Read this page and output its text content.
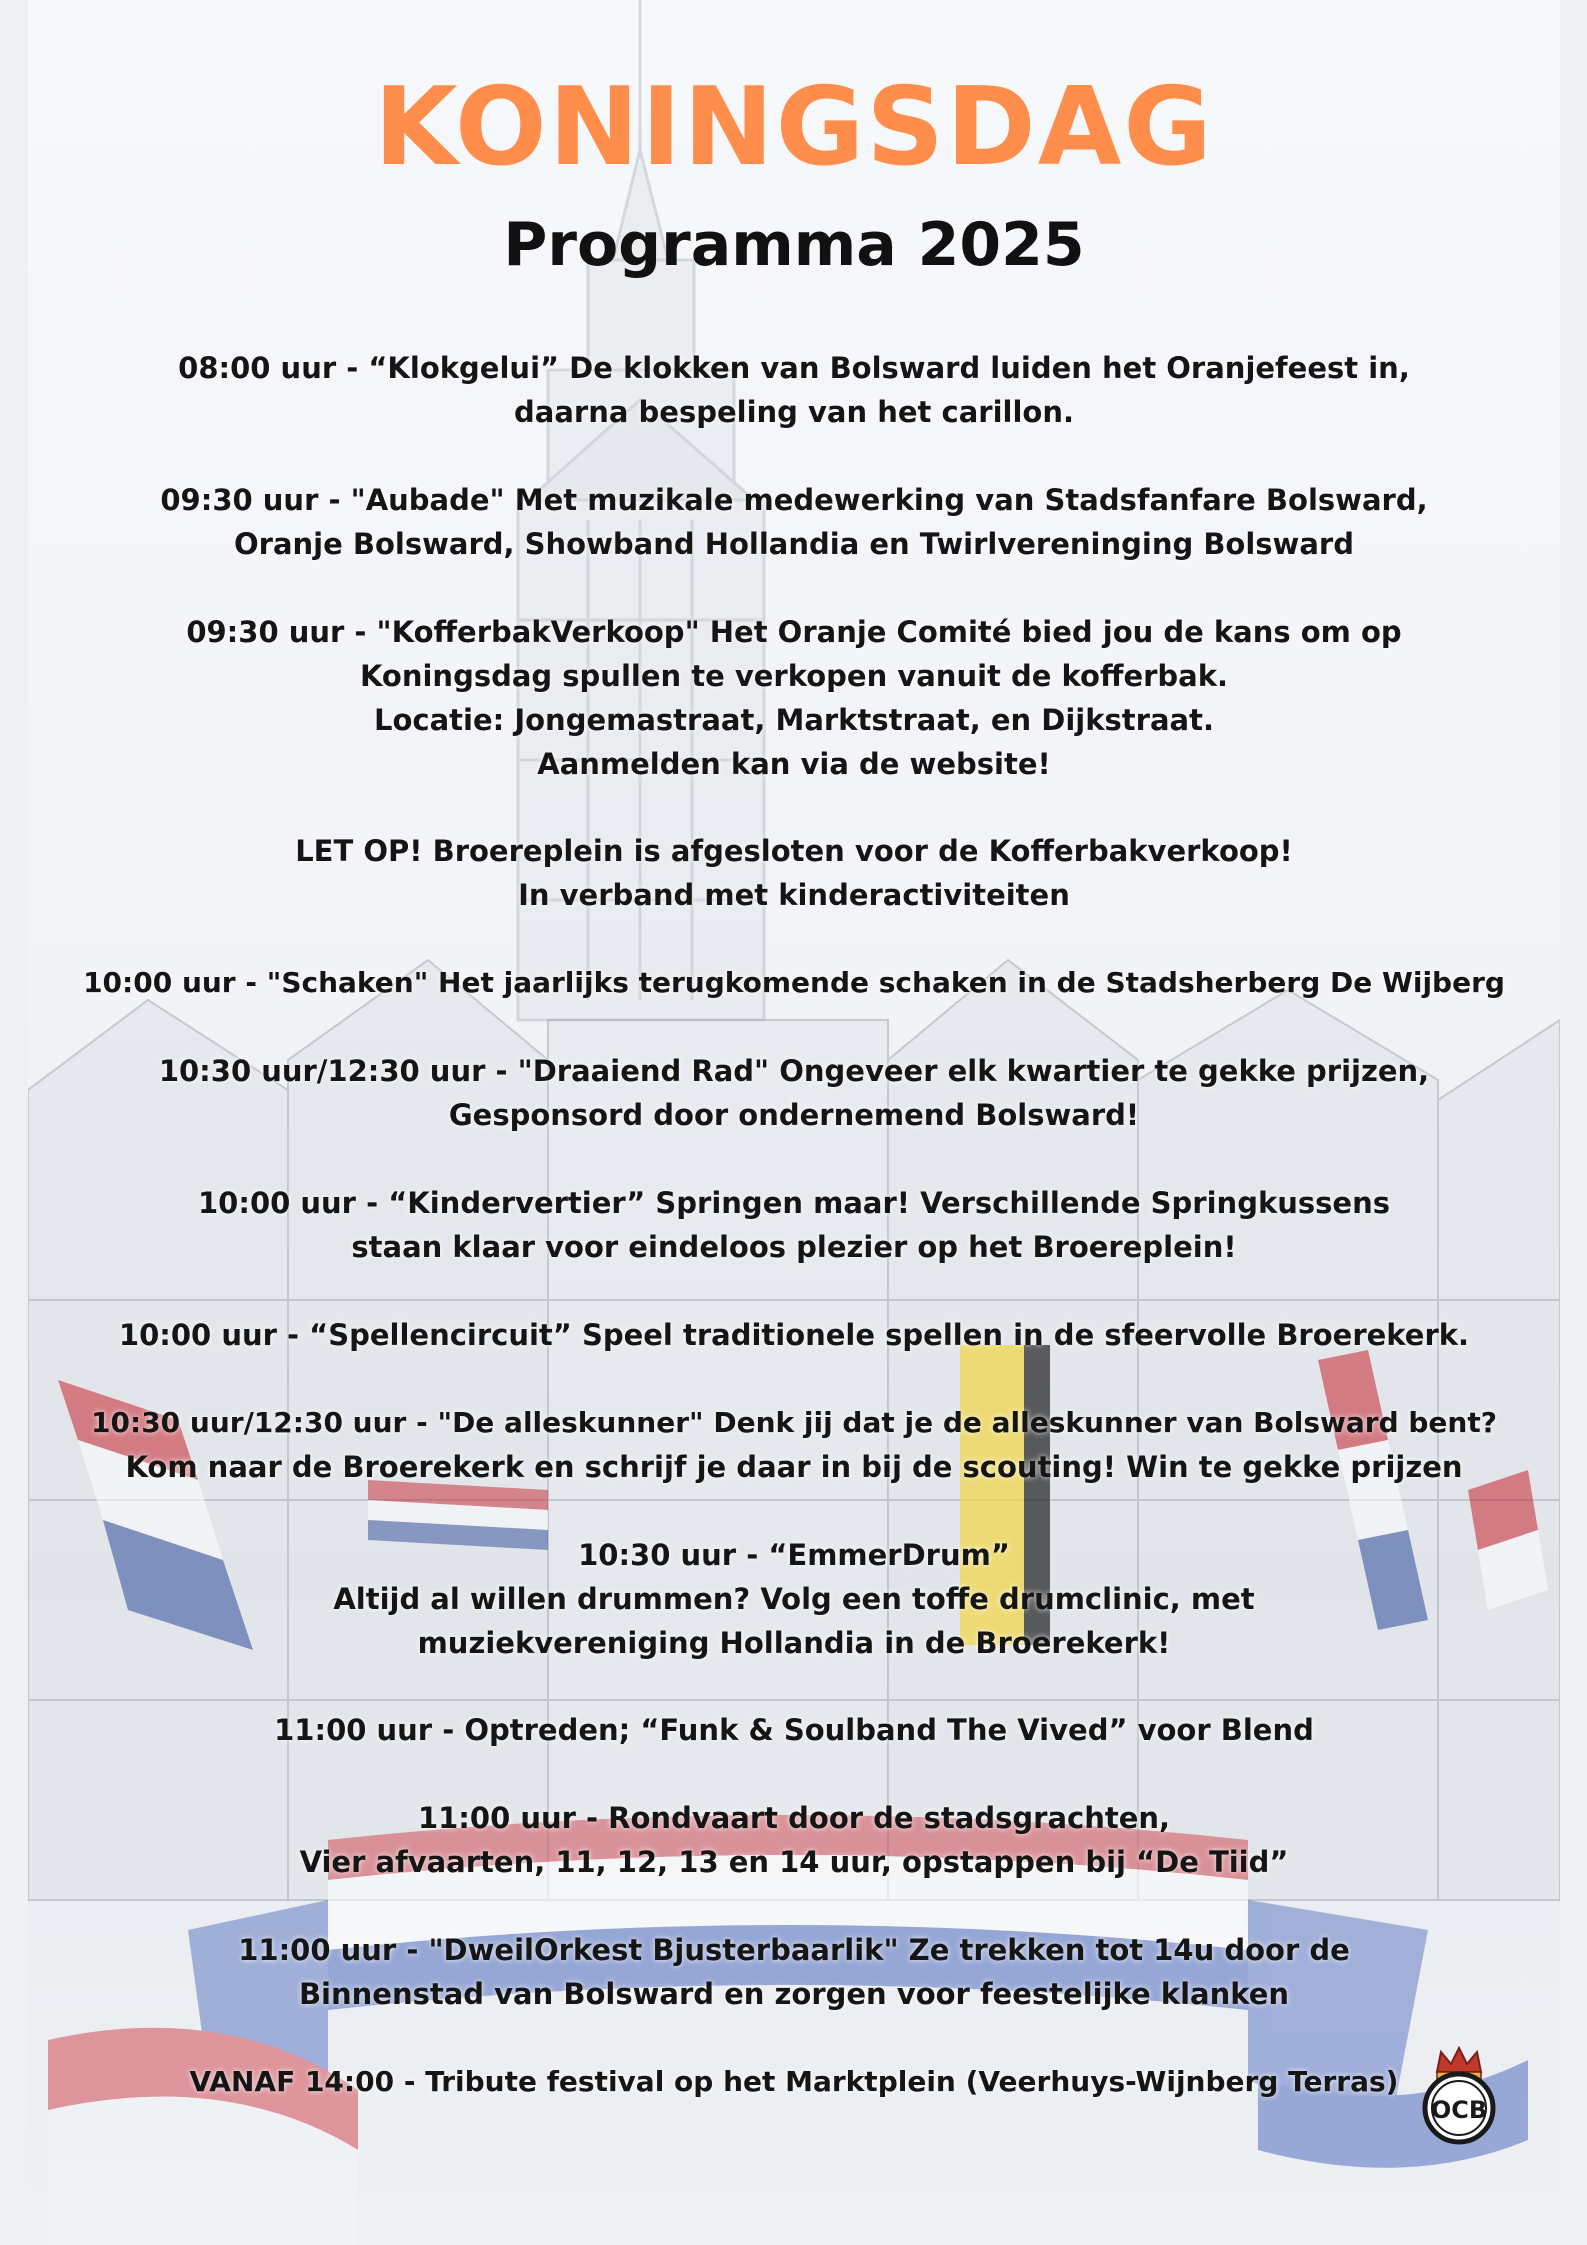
KONINGSDAG
Programma 2025
08:00 uur - “Klokgelui” De klokken van Bolsward luiden het Oranjefeest in,
daarna bespeling van het carillon.
09:30 uur - "Aubade" Met muzikale medewerking van Stadsfanfare Bolsward,
Oranje Bolsward, Showband Hollandia en Twirlvereninging Bolsward
09:30 uur - "KofferbakVerkoop" Het Oranje Comité bied jou de kans om op
Koningsdag spullen te verkopen vanuit de kofferbak.
Locatie: Jongemastraat, Marktstraat, en Dijkstraat.
Aanmelden kan via de website!
LET OP! Broereplein is afgesloten voor de Kofferbakverkoop!
In verband met kinderactiviteiten
10:00 uur - "Schaken" Het jaarlijks terugkomende schaken in de Stadsherberg De Wijberg
10:30 uur/12:30 uur - "Draaiend Rad" Ongeveer elk kwartier te gekke prijzen,
Gesponsord door ondernemend Bolsward!
10:00 uur - “Kindervertier” Springen maar! Verschillende Springkussens
staan klaar voor eindeloos plezier op het Broereplein!
10:00 uur - “Spellencircuit” Speel traditionele spellen in de sfeervolle Broerekerk.
10:30 uur/12:30 uur - "De alleskunner" Denk jij dat je de alleskunner van Bolsward bent?
Kom naar de Broerekerk en schrijf je daar in bij de scouting! Win te gekke prijzen
10:30 uur - “EmmerDrum”
Altijd al willen drummen? Volg een toffe drumclinic, met
muziekvereniging Hollandia in de Broerekerk!
11:00 uur - Optreden; “Funk & Soulband The Vived” voor Blend
11:00 uur - Rondvaart door de stadsgrachten,
Vier afvaarten, 11, 12, 13 en 14 uur, opstappen bij “De Tiid”
11:00 uur - "DweilOrkest Bjusterbaarlik" Ze trekken tot 14u door de
Binnenstad van Bolsward en zorgen voor feestelijke klanken
VANAF 14:00 - Tribute festival op het Marktplein (Veerhuys-Wijnberg Terras)
OCB
